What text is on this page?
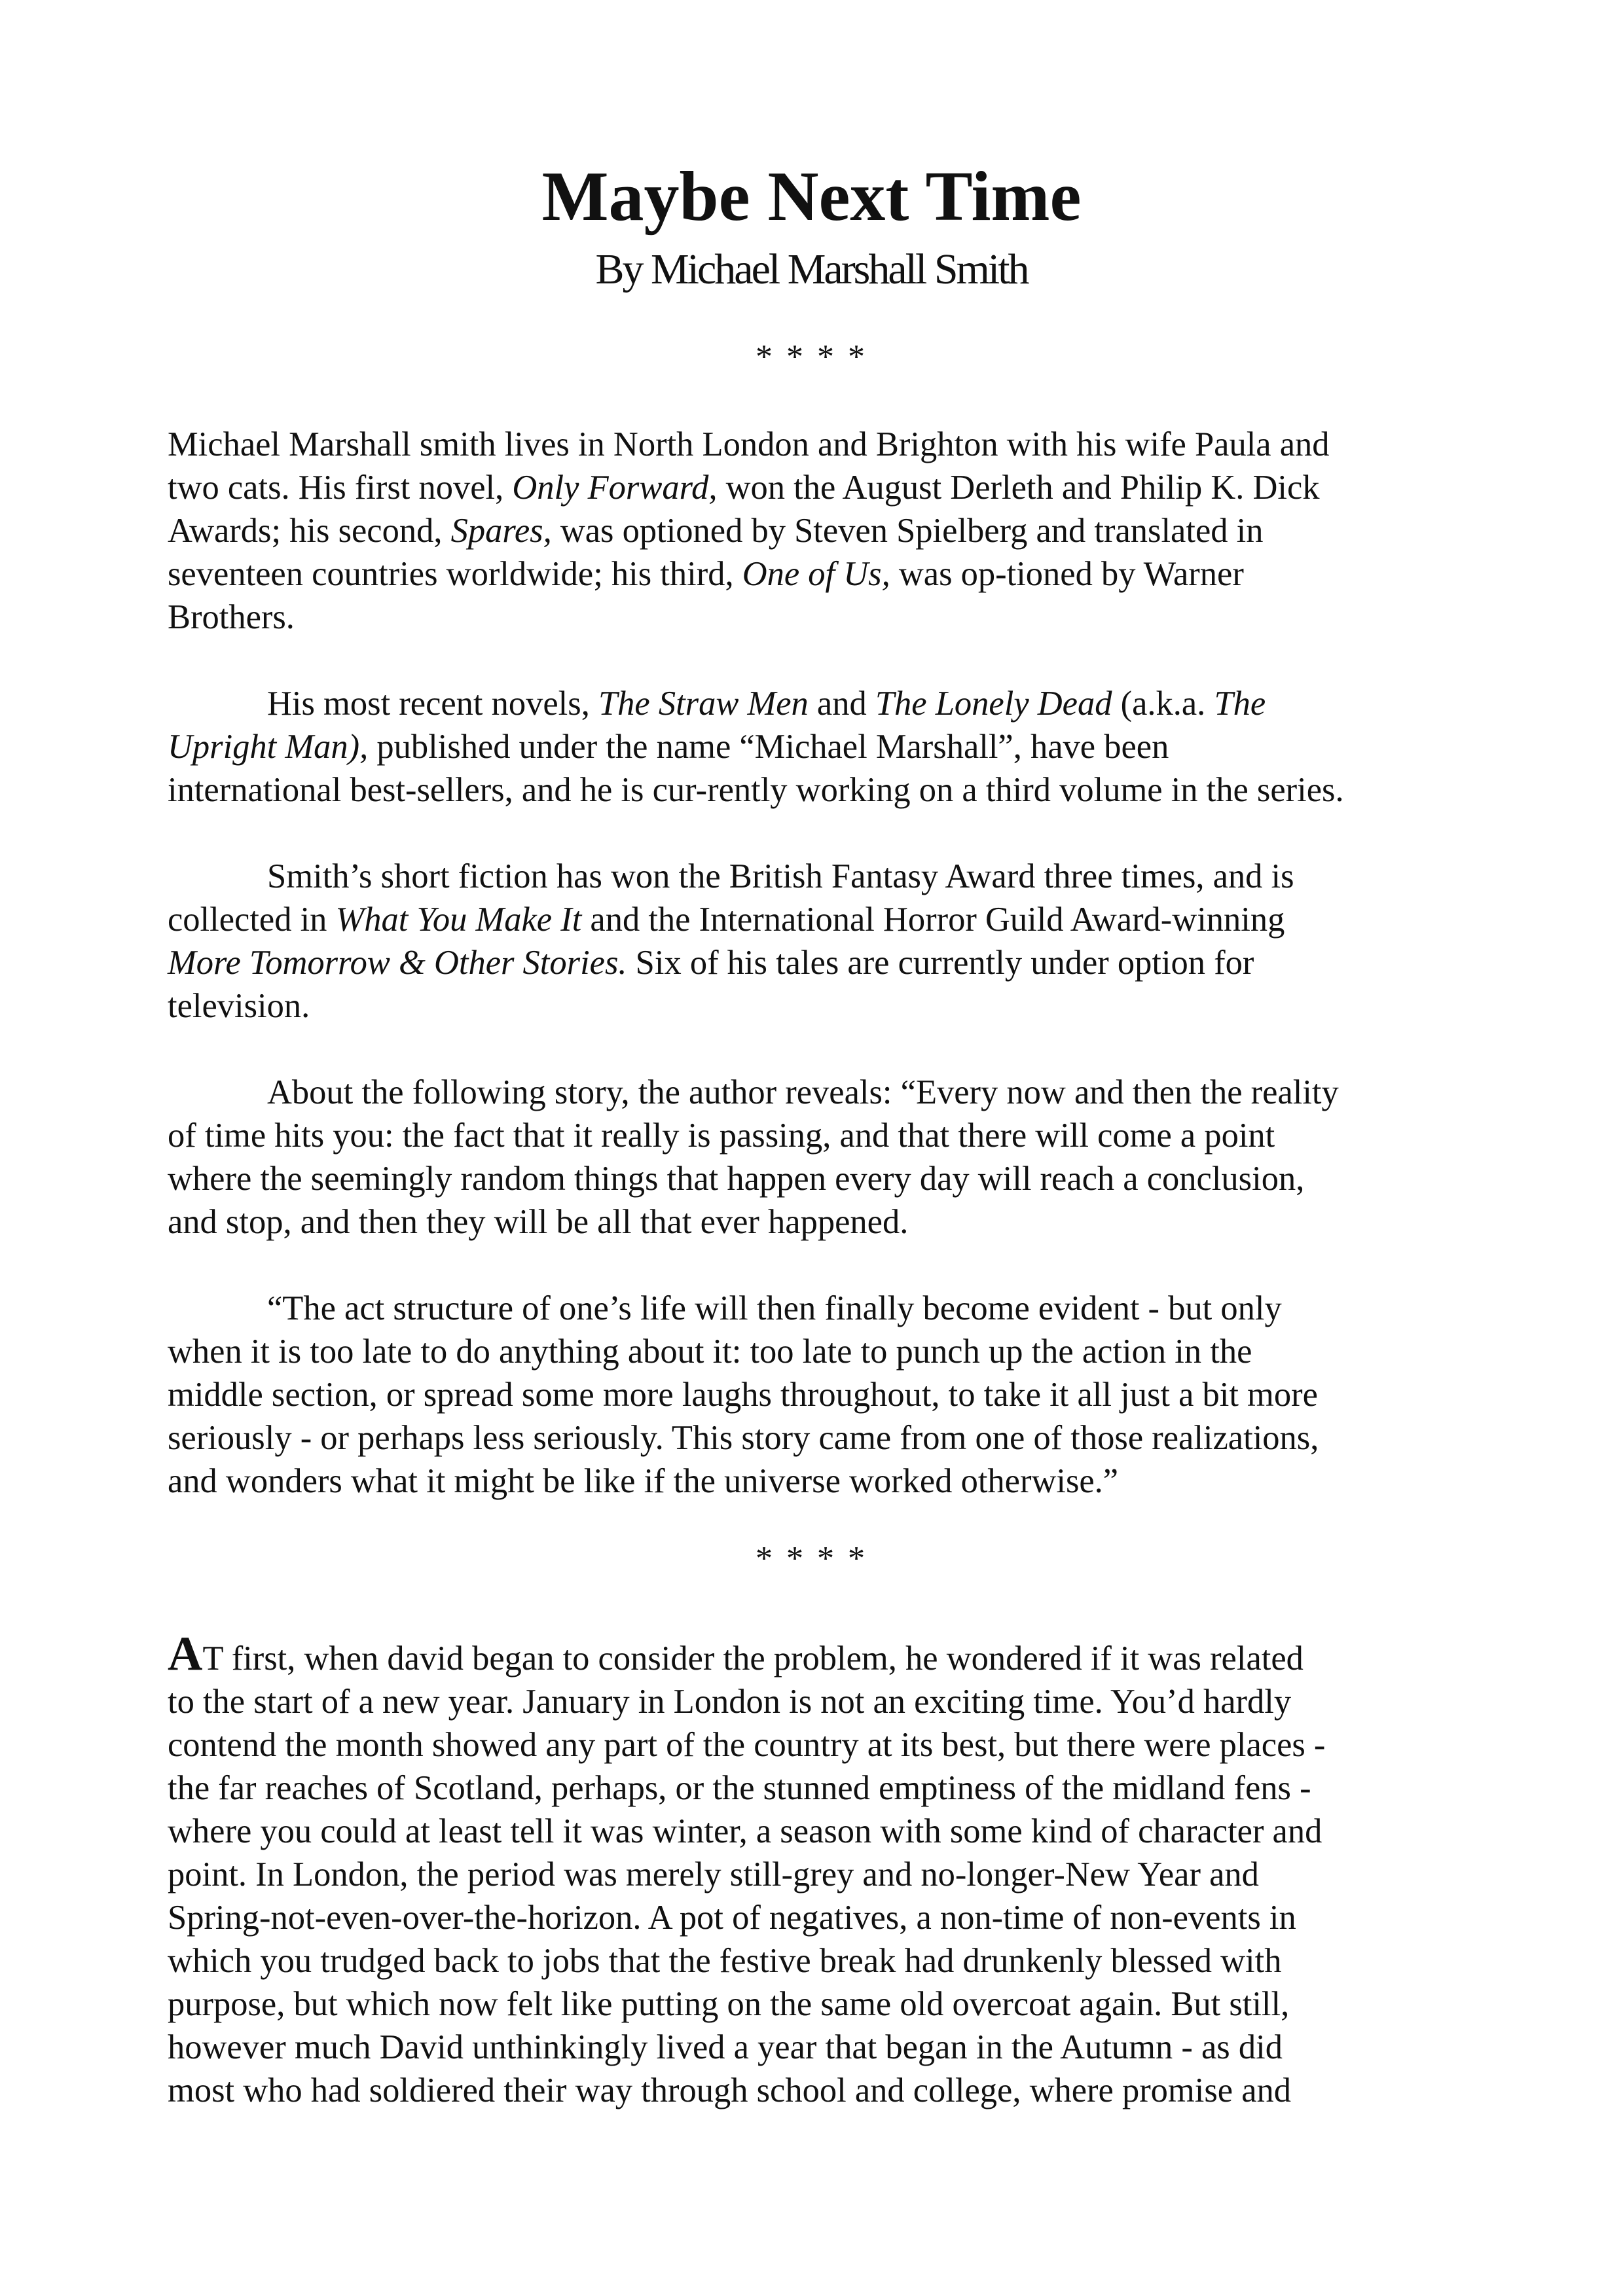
Maybe Next Time

By Michael Marshall Smith

* * * *

Michael Marshall smith lives in North London and Brighton with his wife Paula and
two cats. His first novel, Only Forward, won the August Derleth and Philip K. Dick
Awards; his second, Spares, was optioned by Steven Spielberg and translated in
seventeen countries worldwide; his third, One of Us, was op-tioned by Warner
Brothers.

His most recent novels, The Straw Men and The Lonely Dead (a.k.a. The
Upright Man), published under the name “Michael Marshall”, have been
international best-sellers, and he is cur-rently working on a third volume in the series.

Smith’s short fiction has won the British Fantasy Award three times, and is
collected in What You Make It and the International Horror Guild Award-winning
More Tomorrow & Other Stories. Six of his tales are currently under option for
television.

About the following story, the author reveals: “Every now and then the reality
of time hits you: the fact that it really is passing, and that there will come a point
where the seemingly random things that happen every day will reach a conclusion,
and stop, and then they will be all that ever happened.

“The act structure of one’s life will then finally become evident - but only
when it is too late to do anything about it: too late to punch up the action in the
middle section, or spread some more laughs throughout, to take it all just a bit more
seriously - or perhaps less seriously. This story came from one of those realizations,
and wonders what it might be like if the universe worked otherwise.”

* * * *

AT first, when david began to consider the problem, he wondered if it was related
to the start of a new year. January in London is not an exciting time. You’d hardly
contend the month showed any part of the country at its best, but there were places -
the far reaches of Scotland, perhaps, or the stunned emptiness of the midland fens -
where you could at least tell it was winter, a season with some kind of character and
point. In London, the period was merely still-grey and no-longer-New Year and
Spring-not-even-over-the-horizon. A pot of negatives, a non-time of non-events in
which you trudged back to jobs that the festive break had drunkenly blessed with
purpose, but which now felt like putting on the same old overcoat again. But still,
however much David unthinkingly lived a year that began in the Autumn - as did
most who had soldiered their way through school and college, where promise and
